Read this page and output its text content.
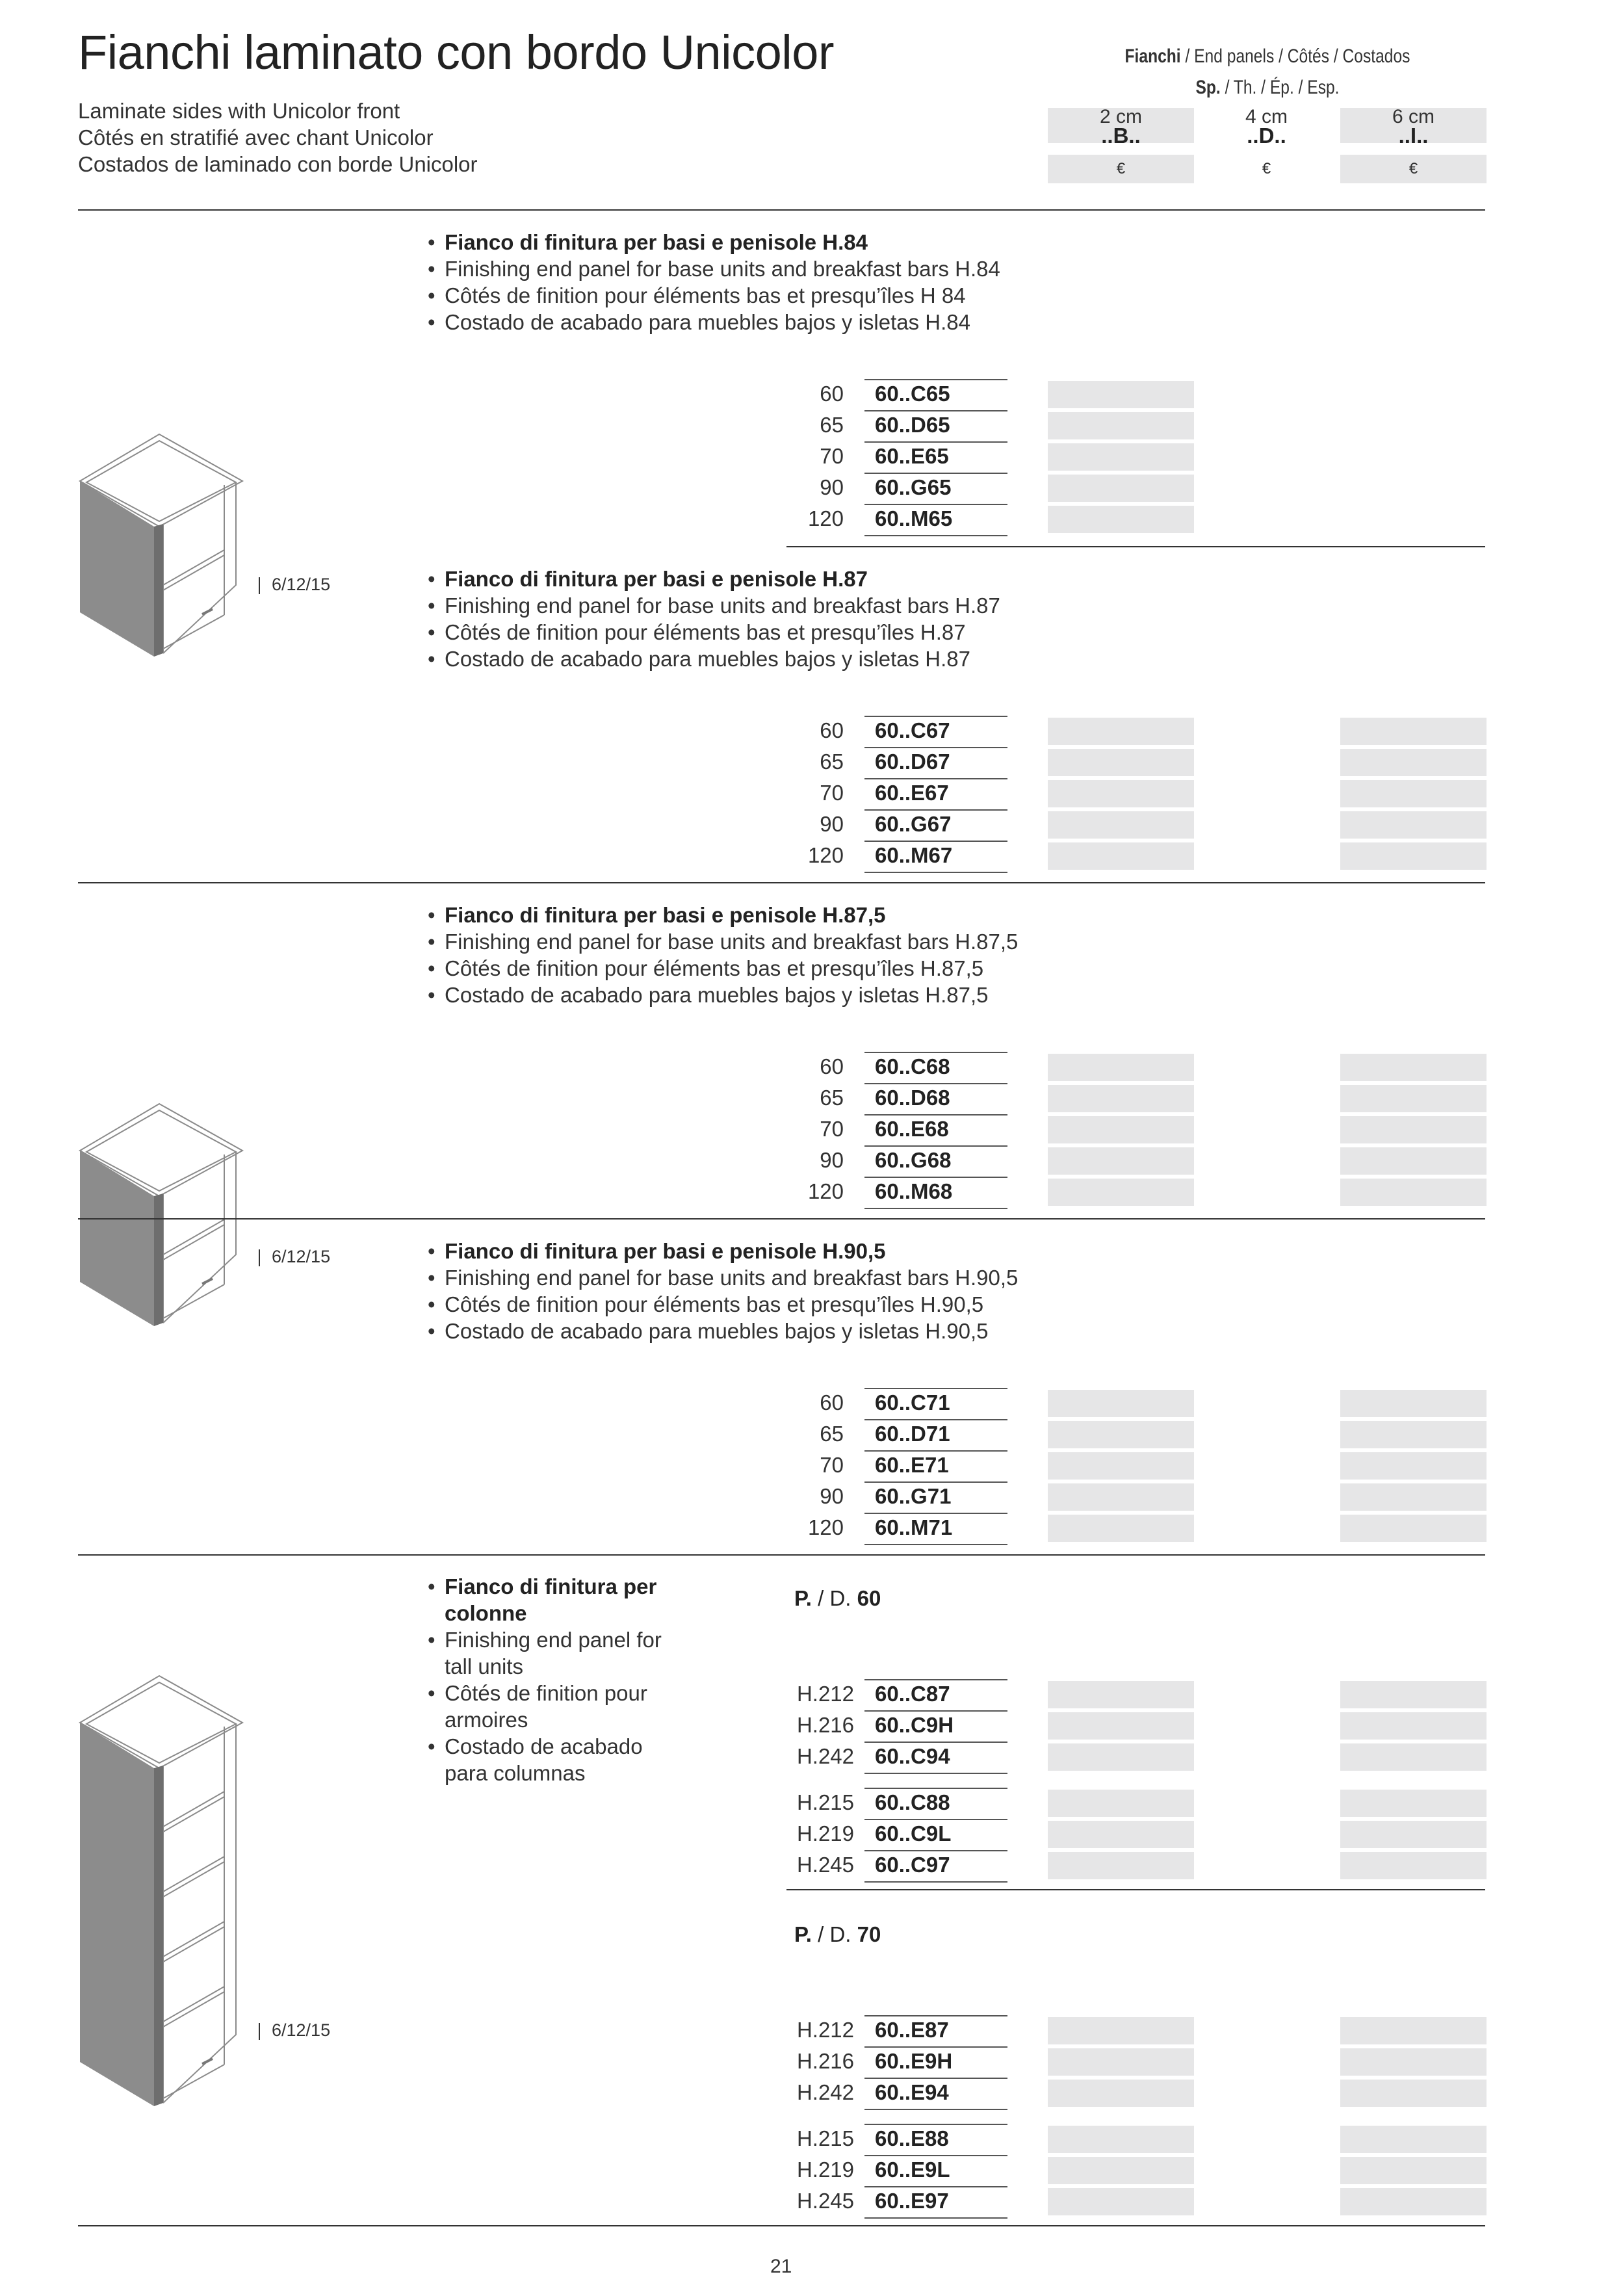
Fianchi laminato con bordo Unicolor
Laminate sides with Unicolor front
Côtés en stratifié avec chant Unicolor
Costados de laminado con borde Unicolor
Fianchi / End panels / Côtés / Costados
Sp. / Th. / Ép. / Esp.
2 cm
..B..
€
4 cm
..D..
€
6 cm
..I..
€
6/12/15
6/12/15
6/12/15
• Fianco di finitura per basi e penisole H.84
• Finishing end panel for base units and breakfast bars H.84
• Côtés de finition pour éléments bas et presqu’îles H 84
• Costado de acabado para muebles bajos y isletas H.84
60 60..C65
65 60..D65
70 60..E65
90 60..G65
120 60..M65
• Fianco di finitura per basi e penisole H.87
• Finishing end panel for base units and breakfast bars H.87
• Côtés de finition pour éléments bas et presqu’îles H.87
• Costado de acabado para muebles bajos y isletas H.87
60 60..C67
65 60..D67
70 60..E67
90 60..G67
120 60..M67
• Fianco di finitura per basi e penisole H.87,5
• Finishing end panel for base units and breakfast bars H.87,5
• Côtés de finition pour éléments bas et presqu’îles H.87,5
• Costado de acabado para muebles bajos y isletas H.87,5
60 60..C68
65 60..D68
70 60..E68
90 60..G68
120 60..M68
• Fianco di finitura per basi e penisole H.90,5
• Finishing end panel for base units and breakfast bars H.90,5
• Côtés de finition pour éléments bas et presqu’îles H.90,5
• Costado de acabado para muebles bajos y isletas H.90,5
60 60..C71
65 60..D71
70 60..E71
90 60..G71
120 60..M71
• Fianco di finitura per
colonne
• Finishing end panel for
tall units
• Côtés de finition pour
armoires
• Costado de acabado
para columnas
P. / D. 60
P. / D. 70
H.212 60..C87
H.216 60..C9H
H.242 60..C94
H.215 60..C88
H.219 60..C9L
H.245 60..C97
H.212 60..E87
H.216 60..E9H
H.242 60..E94
H.215 60..E88
H.219 60..E9L
H.245 60..E97
21
